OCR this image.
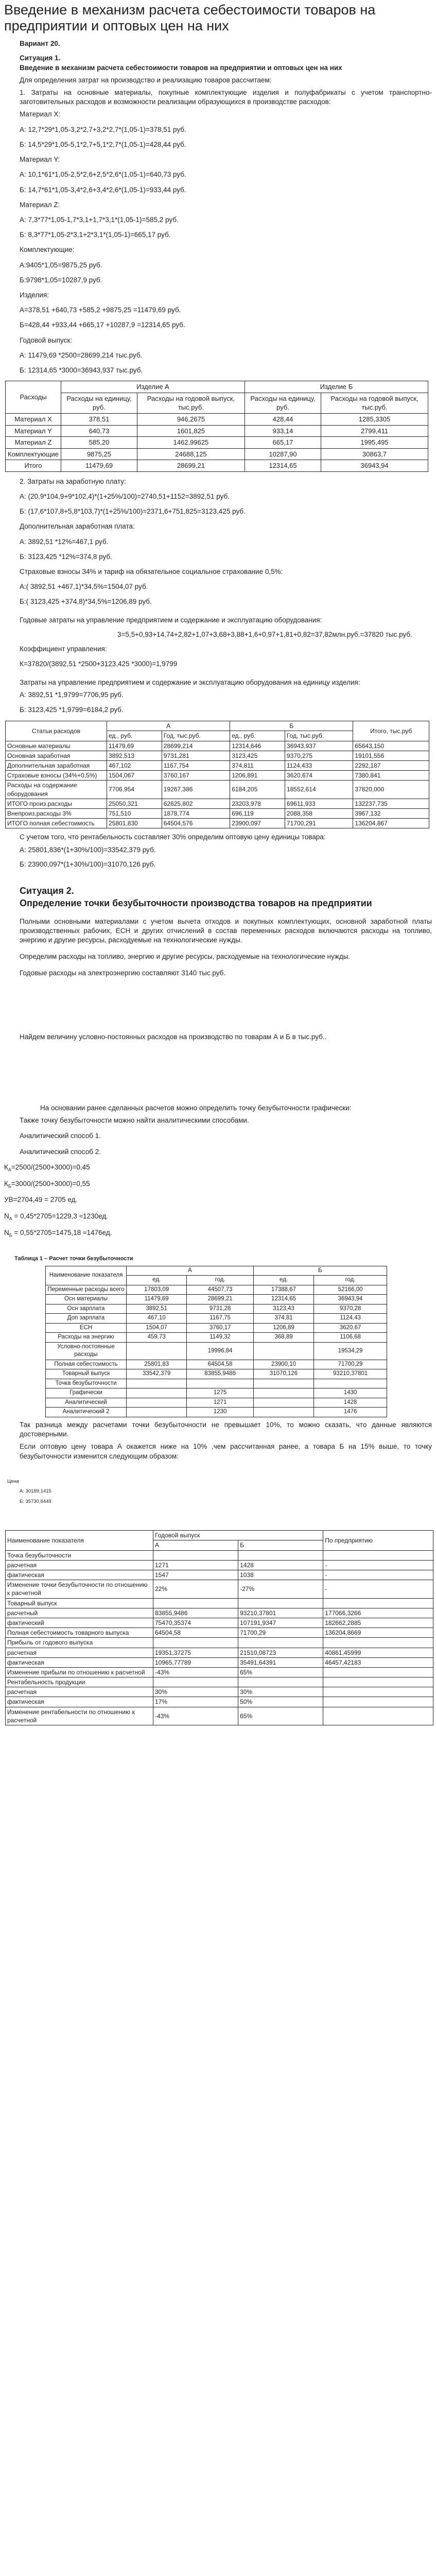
Введение в механизм расчета себестоимости товаров на предприятии и оптовых цен на них
Вариант 20.
Ситуация 1.
Введение в механизм расчета себестоимости товаров на предприятии и оптовых цен на них
Для определения затрат на производство и реализацию товаров рассчитаем:
1. Затраты на основные материалы, покупные комплектующие изделия и полуфабрикаты с учетом транспортно-заготовительных расходов и возможности реализации образующихся в производстве расходов:
Материал X:
А: 12,7*29*1,05-3,2*2,7+3,2*2,7*(1,05-1)=378,51 руб.
Б: 14,5*29*1,05-5,1*2,7+5,1*2,7*(1,05-1)=428,44 руб.
Материал Y:
А: 10,1*61*1,05-2,5*2,6+2,5*2,6*(1,05-1)=640,73 руб.
Б: 14,7*61*1,05-3,4*2,6+3,4*2,6*(1,05-1)=933,44 руб.
Материал Z:
А: 7,3*77*1,05-1,7*3,1+1,7*3,1*(1,05-1)=585,2 руб.
Б: 8,3*77*1,05-2*3,1+2*3,1*(1,05-1)=665,17 руб.
Комплектующие:
А:9405*1,05=9875,25 руб.
Б:9798*1,05=10287,9 руб.
Изделия:
А=378,51 +640,73 +585,2 +9875,25 =11479,69 руб.
Б=428,44 +933,44 +665,17 +10287,9 =12314,65 руб.
Годовой выпуск:
А: 11479,69 *2500=28699,214 тыс.руб.
Б: 12314,65 *3000=36943,937 тыс.руб.
Расходы	Изделие А		Изделие Б	
	Расходы на единицу, руб.	Расходы на годовой выпуск, тыс.руб.	Расходы на единицу, руб.	Расходы на годовой выпуск, тыс.руб.
Материал X	378,51	946,2675	428,44	1285,3305
Материал Y	640,73	1601,825	933,14	2799,411
Материал Z	585,20	1462,99625	665,17	1995,495
Комплектующие	9875,25	24688,125	10287,90	30863,7
Итого	11479,69	28699,21	12314,65	36943,94
2. Затраты на заработную плату:
А: (20,9*104,9+9*102,4)*(1+25%/100)=2740,51+1152=3892,51 руб.
Б: (17,6*107,8+5,8*103,7)*(1+25%/100)=2371,6+751,825=3123,425 руб.
Дополнительная заработная плата:
А: 3892,51 *12%=467,1 руб.
Б: 3123,425 *12%=374,8 руб.
Страховые взносы 34% и тариф на обязательное социальное страхование 0,5%:
А:( 3892,51 +467,1)*34,5%=1504,07 руб.
Б:( 3123,425 +374,8)*34,5%=1206,89 руб.
Годовые затраты на управление предприятием и содержание и эксплуатацию оборудования:
3=5,5+0,93+14,74+2,82+1,07+3,68+3,88+1,6+0,97+1,81+0,82=37,82млн.руб.=37820 тыс.руб.
Коэффициент управления:
К=37820/(3892,51 *2500+3123,425 *3000)=1,9799
Затраты на управление предприятием и содержание и эксплуатацию оборудования на единицу изделия:
А: 3892,51 *1,9799=7706,95 руб.
Б: 3123,425 *1,9799=6184,2 руб.
Статьи расходов	А		Б		Итого, тыс.руб
	ед., руб.	Год, тыс.руб.	ед., руб.	Год, тыс.руб.	
Основные материалы	11479,69	28699,214	12314,646	36943,937	65643,150
Основная заработная	3892,513	9731,281	3123,425	9370,275	19101,556
Дополнительная заработная	467,102	1167,754	374,811	1124,433	2292,187
Страховые взносы (34%+0,5%)	1504,067	3760,167	1206,891	3620,674	7380,841
Расходы на содержание оборудования	7706,954	19267,386	6184,205	18552,614	37820,000
ИТОГО произ.расходы	25050,321	62625,802	23203,978	69611,933	132237,735
Внепроиз.расходы 3%	751,510	1878,774	696,119	2088,358	3967,132
ИТОГО полная себестоимость	25801,830	64504,576	23900,097	71700,291	136204,867
С учетом того, что рентабельность составляет 30% определим оптовую цену единицы товара:
А: 25801,836*(1+30%/100)=33542,379 руб.
Б: 23900,097*(1+30%/100)=31070,126 руб.
Ситуация 2.
Определение точки безубыточности производства товаров на предприятии
Полными основными материалами с учетом вычета отходов и покупных комплектующих, основной заработной платы производственных рабочих, ЕСН и других отчислений в состав переменных расходов включаются расходы на топливо, энергию и другие ресурсы, расходуемые на технологические нужды.
Определим расходы на топливо, энергию и другие ресурсы, расходуемые на технологические нужды.
Годовые расходы на электроэнергию составляют 3140 тыс.руб.
Найдем величину условно-постоянных расходов на производство по товарам А и Б в тыс.руб..
На основании ранее сделанных расчетов можно определить точку безубыточности графически:
Также точку безубыточности можно найти аналитическими способами.
Аналитический способ 1.
Аналитический способ 2.
$К_А=2500/(2500+3000)=0,45$
$К_Б=3000/(2500+3000)=0,55$
УВ=2704,49 = 2705 ед.
$N_А = 0,45*2705=1229,3 \approx 1230ед$.
$N_Б = 0,55*2705=1475,18 \approx 1476ед$.
Таблица 1 – Расчет точки безубыточности
Наименование показателя	А		Б	
	ед.	год.	ед.	год.
Переменные расходы всего	17803,09	44507,73	17388,67	52166,00
Осн материалы	11479,69	28699,21	12314,65	36943,94
Осн зарплата	3892,51	9731,28	3123,43	9370,28
Доп зарплата	467,10	1167,75	374,81	1124,43
ЕСН	1504,07	3760,17	1206,89	3620,67
Расходы на энергию	459,73	1149,32	368,89	1106,68
Условно-постоянные расходы		19996,84		19534,29
Полная себестоимость	25801,83	64504,58	23900,10	71700,29
Товарный выпуск	33542,379	83855,9486	31070,126	93210,37801
Точка безубыточности				
Графически		1275		1430
Аналитический		1271		1428
Аналитический 2		1230		1476
Так разница между расчетами точки безубыточности не превышает 10%, то можно сказать, что данные являются достоверными.
Если оптовую цену товара А окажется ниже на 10% ,чем рассчитанная ранее, а товара Б на 15% выше, то точку безубыточности изменится следующим образом:
Цена
А: 30189,1415
Б: 35730,6449
Наименование показателя	Годовой выпуск		По предприятию
	А	Б	
Точка безубыточности			
расчетная	1271	1428	-
фактическая	1547	1038	-
Изменение точки безубыточности по отношению к расчетной	22%	-27%	-
Товарный выпуск			
расчетный	83855,9486	93210,37801	177066,3266
фактический	75470,35374	107191,9347	182662,2885
Полная себестоимость товарного выпуска	64504,58	71700,29	136204,8669
Прибыль от годового выпуска			
расчетная	19351,37275	21510,08723	40861,45999
фактическая	10965,77789	35491,64391	46457,42183
Изменение прибыли по отношению к расчетной	-43%	65%	
Рентабельность продукции			
расчетная	30%	30%	
фактическая	17%	50%	
Изменение рентабельности по отношению к расчетной	-43%	65%	
